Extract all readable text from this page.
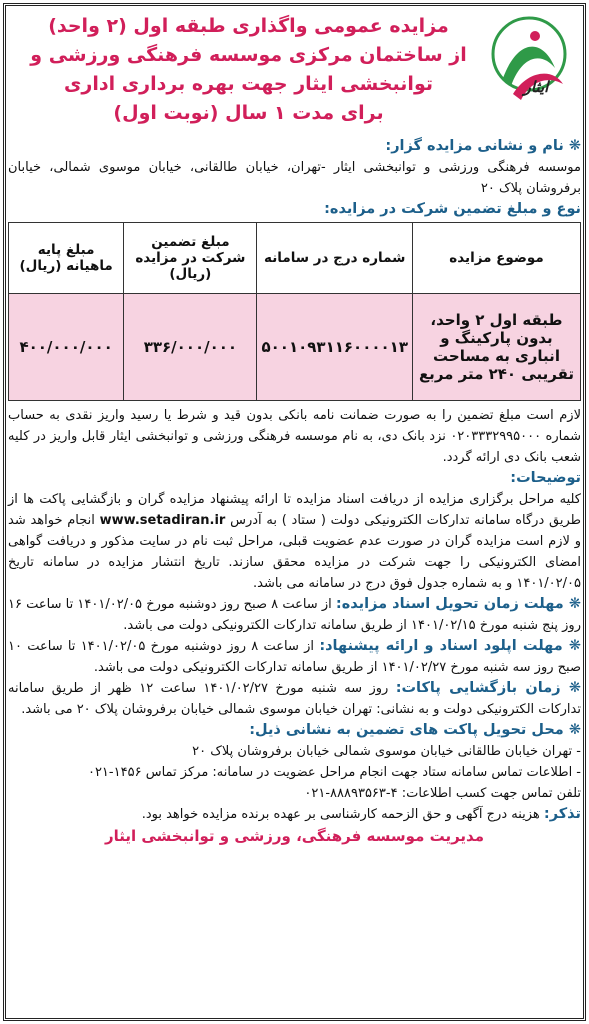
ایثار
مزایده عمومی واگذاری طبقه اول (۲ واحد)
از ساختمان مرکزی موسسه فرهنگی ورزشی و
توانبخشی ایثار جهت بهره برداری اداری
برای مدت ۱ سال (نوبت اول)
❋ نام و نشانی مزایده گزار:
موسسه فرهنگی ورزشی و توانبخشی ایثار -تهران، خیابان طالقانی، خیابان موسوی شمالی، خیابان برفروشان پلاک ۲۰
نوع و مبلغ تضمین شرکت در مزایده:
موضوع مزایده	شماره درج در سامانه	مبلغ تضمین شرکت در مزایده (ریال)	مبلغ پایه ماهیانه (ریال)
طبقه اول ۲ واحد، بدون پارکینگ و انباری به مساحت تقریبی ۲۴۰ متر مربع	۵۰۰۱۰۹۳۱۱۶۰۰۰۰۱۳	۳۳۶/۰۰۰/۰۰۰	۴۰۰/۰۰۰/۰۰۰
لازم است مبلغ تضمین را به صورت ضمانت نامه بانکی بدون قید و شرط یا رسید واریز نقدی به حساب شماره ۰۲۰۳۳۳۲۹۹۵۰۰۰ نزد بانک دی، به نام موسسه فرهنگی ورزشی و توانبخشی ایثار قابل واریز در کلیه شعب بانک دی ارائه گردد.
توضیحات:
کلیه مراحل برگزاری مزایده از دریافت اسناد مزایده تا ارائه پیشنهاد مزایده گران و بازگشایی پاکت ها از طریق درگاه سامانه تدارکات الکترونیکی دولت ( ستاد ) به آدرس www.setadiran.ir انجام خواهد شد و لازم است مزایده گران در صورت عدم عضویت قبلی، مراحل ثبت نام در سایت مذکور و دریافت گواهی امضای الکترونیکی را جهت شرکت در مزایده محقق سازند. تاریخ انتشار مزایده در سامانه تاریخ ۱۴۰۱/۰۲/۰۵ و به شماره جدول فوق درج در سامانه می باشد.
❋ مهلت زمان تحویل اسناد مزایده: از ساعت ۸ صبح روز دوشنبه مورخ ۱۴۰۱/۰۲/۰۵ تا ساعت ۱۶ روز پنج شنبه مورخ ۱۴۰۱/۰۲/۱۵ از طریق سامانه تدارکات الکترونیکی دولت می باشد.
❋ مهلت اپلود اسناد و ارائه پیشنهاد: از ساعت ۸ روز دوشنبه مورخ ۱۴۰۱/۰۲/۰۵ تا ساعت ۱۰ صبح روز سه شنبه مورخ ۱۴۰۱/۰۲/۲۷ از طریق سامانه تدارکات الکترونیکی دولت می باشد.
❋ زمان بازگشایی پاکات: روز سه شنبه مورخ ۱۴۰۱/۰۲/۲۷ ساعت ۱۲ ظهر از طریق سامانه تدارکات الکترونیکی دولت و به نشانی: تهران خیابان موسوی شمالی خیابان برفروشان پلاک ۲۰ می باشد.
❋ محل تحویل پاکت های تضمین به نشانی ذیل:
- تهران خیابان طالقانی خیابان موسوی شمالی خیابان برفروشان پلاک ۲۰
- اطلاعات تماس سامانه ستاد جهت انجام مراحل عضویت در سامانه: مرکز تماس ۱۴۵۶-۰۲۱
تلفن تماس جهت کسب اطلاعات: ۴-۸۸۸۹۳۵۶۳-۰۲۱
تذکر: هزینه درج آگهی و حق الزحمه کارشناسی بر عهده برنده مزایده خواهد بود.
مدیریت موسسه فرهنگی، ورزشی و توانبخشی ایثار
